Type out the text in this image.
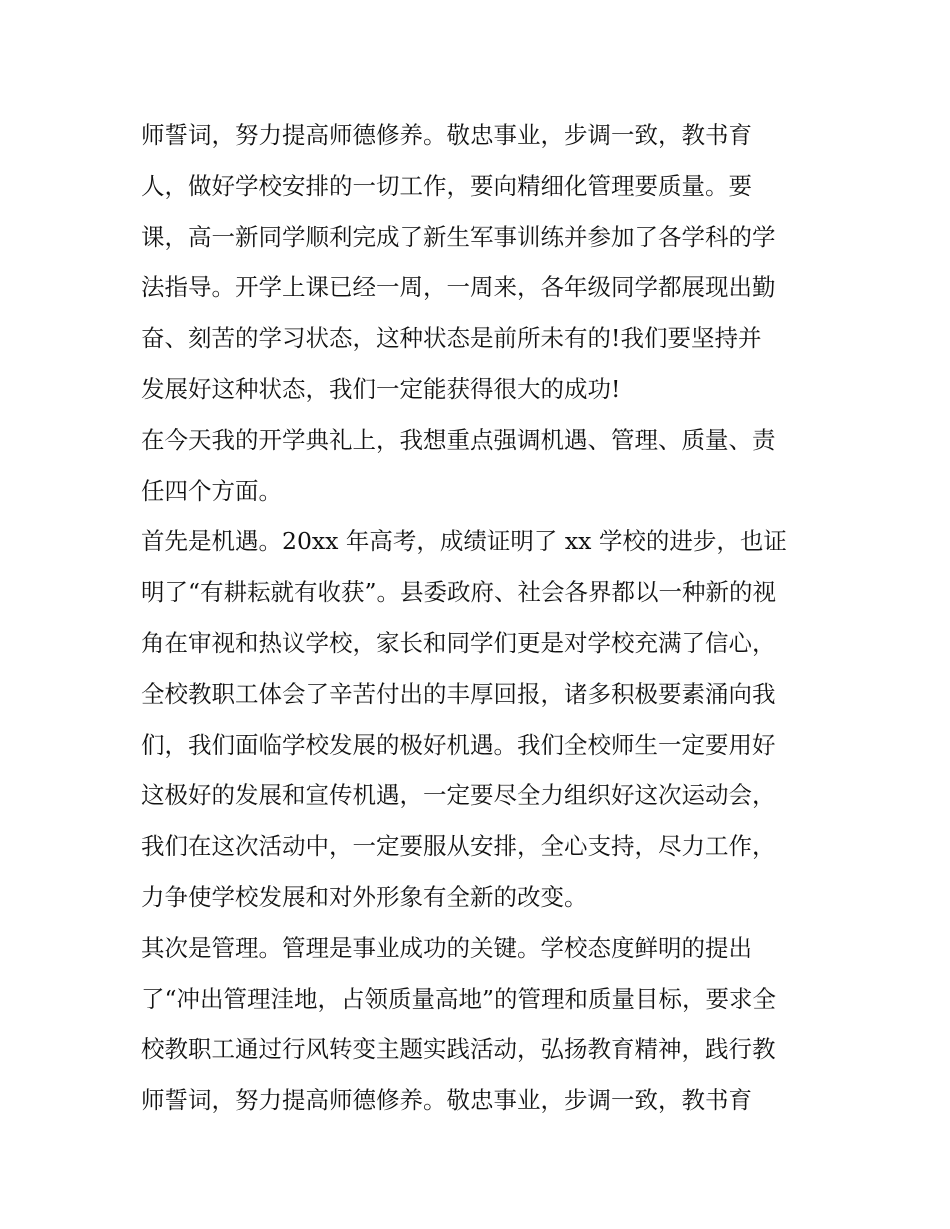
师誓词，努力提高师德修养。敬忠事业，步调一致，教书育
人，做好学校安排的一切工作，要向精细化管理要质量。要
课，高一新同学顺利完成了新生军事训练并参加了各学科的学
法指导。开学上课已经一周，一周来，各年级同学都展现出勤
奋、刻苦的学习状态，这种状态是前所未有的!我们要坚持并
发展好这种状态，我们一定能获得很大的成功!
在今天我的开学典礼上，我想重点强调机遇、管理、质量、责
任四个方面。
首先是机遇。20xx 年高考，成绩证明了 xx 学校的进步，也证
明了“有耕耘就有收获”。县委政府、社会各界都以一种新的视
角在审视和热议学校，家长和同学们更是对学校充满了信心，
全校教职工体会了辛苦付出的丰厚回报，诸多积极要素涌向我
们，我们面临学校发展的极好机遇。我们全校师生一定要用好
这极好的发展和宣传机遇，一定要尽全力组织好这次运动会，
我们在这次活动中，一定要服从安排，全心支持，尽力工作，
力争使学校发展和对外形象有全新的改变。
其次是管理。管理是事业成功的关键。学校态度鲜明的提出
了“冲出管理洼地，占领质量高地”的管理和质量目标，要求全
校教职工通过行风转变主题实践活动，弘扬教育精神，践行教
师誓词，努力提高师德修养。敬忠事业，步调一致，教书育
